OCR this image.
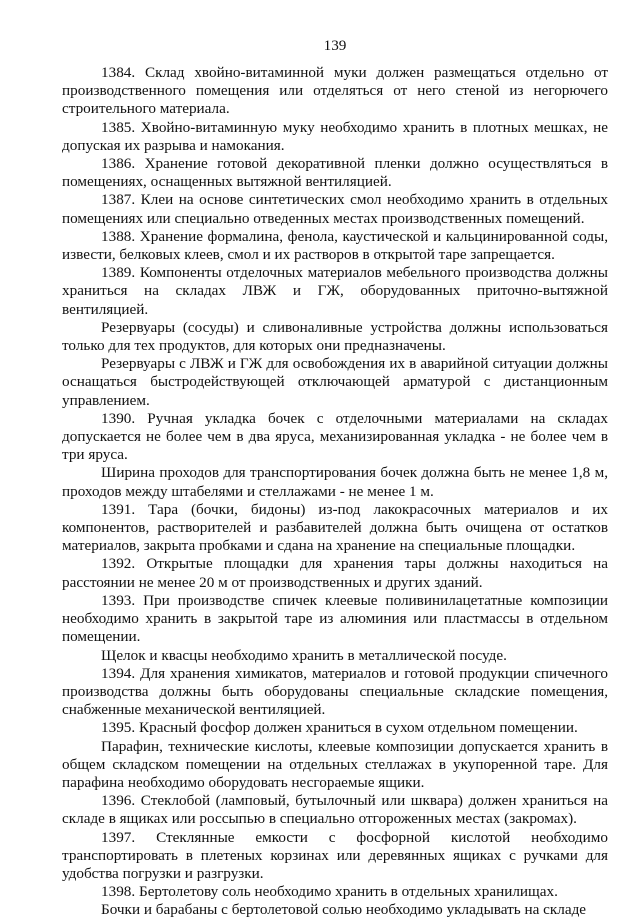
139

1384. Склад хвойно-витаминной муки должен размещаться отдельно от производственного помещения или отделяться от него стеной из негорючего строительного материала.

1385. Хвойно-витаминную муку необходимо хранить в плотных мешках, не допуская их разрыва и намокания.

1386. Хранение готовой декоративной пленки должно осуществляться в помещениях, оснащенных вытяжной вентиляцией.

1387. Клеи на основе синтетических смол необходимо хранить в отдельных помещениях или специально отведенных местах производственных помещений.

1388. Хранение формалина, фенола, каустической и кальцинированной соды, извести, белковых клеев, смол и их растворов в открытой таре запрещается.

1389. Компоненты отделочных материалов мебельного производства должны храниться на складах ЛВЖ и ГЖ, оборудованных приточно-вытяжной вентиляцией.

Резервуары (сосуды) и сливоналивные устройства должны использоваться только для тех продуктов, для которых они предназначены.

Резервуары с ЛВЖ и ГЖ для освобождения их в аварийной ситуации должны оснащаться быстродействующей отключающей арматурой с дистанционным управлением.

1390. Ручная укладка бочек с отделочными материалами на складах допускается не более чем в два яруса, механизированная укладка - не более чем в три яруса.

Ширина проходов для транспортирования бочек должна быть не менее 1,8 м, проходов между штабелями и стеллажами - не менее 1 м.

1391. Тара (бочки, бидоны) из-под лакокрасочных материалов и их компонентов, растворителей и разбавителей должна быть очищена от остатков материалов, закрыта пробками и сдана на хранение на специальные площадки.

1392. Открытые площадки для хранения тары должны находиться на расстоянии не менее 20 м от производственных и других зданий.

1393. При производстве спичек клеевые поливинилацетатные композиции необходимо хранить в закрытой таре из алюминия или пластмассы в отдельном помещении.

Щелок и квасцы необходимо хранить в металлической посуде.

1394. Для хранения химикатов, материалов и готовой продукции спичечного производства должны быть оборудованы специальные складские помещения, снабженные механической вентиляцией.

1395. Красный фосфор должен храниться в сухом отдельном помещении.

Парафин, технические кислоты, клеевые композиции допускается хранить в общем складском помещении на отдельных стеллажах в укупоренной таре. Для парафина необходимо оборудовать несгораемые ящики.

1396. Стеклобой (ламповый, бутылочный или шквара) должен храниться на складе в ящиках или россыпью в специально отгороженных местах (закромах).

1397. Стеклянные емкости с фосфорной кислотой необходимо транспортировать в плетеных корзинах или деревянных ящиках с ручками для удобства погрузки и разгрузки.

1398. Бертолетову соль необходимо хранить в отдельных хранилищах.

Бочки и барабаны с бертолетовой солью необходимо укладывать на складе
